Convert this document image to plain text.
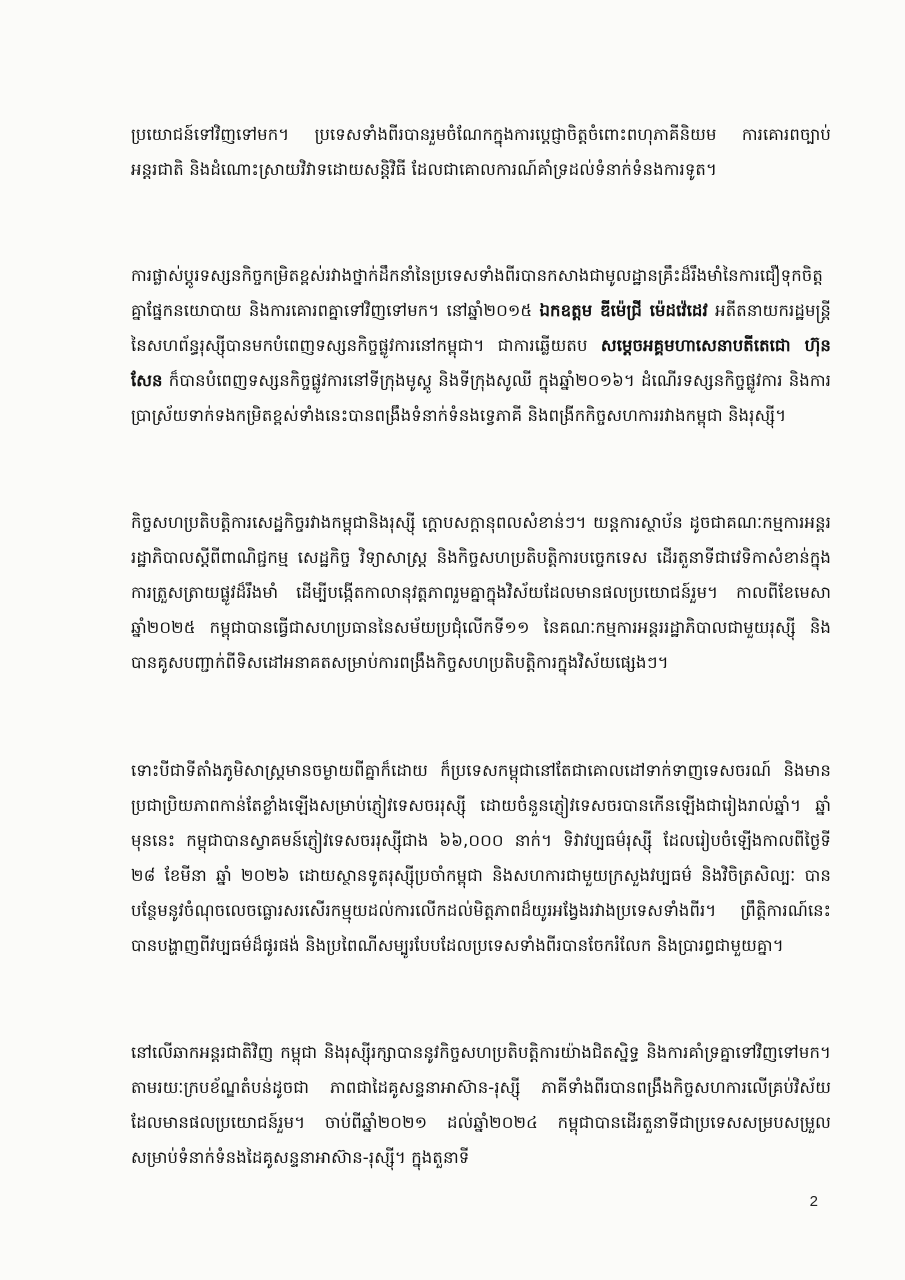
ប្រយោជន៍ទៅវិញទៅមក។ ប្រទេសទាំងពីរបានរួមចំណែកក្នុងការប្តេជ្ញាចិត្តចំពោះពហុភាគីនិយម ការគោរពច្បាប់អន្តរជាតិ និងដំណោះស្រាយវិវាទដោយសន្តិវិធី ដែលជាគោលការណ៍គាំទ្រដល់ទំនាក់ទំនងការទូត។

ការផ្លាស់ប្តូរទស្សនកិច្ចកម្រិតខ្ពស់រវាងថ្នាក់ដឹកនាំនៃប្រទេសទាំងពីរបានកសាងជាមូលដ្ឋានគ្រឹះដ៏រឹងមាំនៃការជឿទុកចិត្តគ្នាផ្នែកនយោបាយ និងការគោរពគ្នាទៅវិញទៅមក។ នៅឆ្នាំ២០១៥ ឯកឧត្តម ឌីម៉េជ្រី ម៉េដវ៉េដេវ អតីតនាយករដ្ឋមន្ត្រីនៃសហព័ន្ធរុស្ស៊ីបានមកបំពេញទស្សនកិច្ចផ្លូវការនៅកម្ពុជា។ ជាការឆ្លើយតប សម្តេចអគ្គមហាសេនាបតីតេជោ ហ៊ុន សែន ក៏បានបំពេញទស្សនកិច្ចផ្លូវការនៅទីក្រុងមូស្គូ និងទីក្រុងសូឈី ក្នុងឆ្នាំ២០១៦។ ដំណើរទស្សនកិច្ចផ្លូវការ និងការប្រាស្រ័យទាក់ទងកម្រិតខ្ពស់ទាំងនេះបានពង្រឹងទំនាក់ទំនងទ្វេភាគី និងពង្រីកកិច្ចសហការរវាងកម្ពុជា និងរុស្ស៊ី។

កិច្ចសហប្រតិបត្តិការសេដ្ឋកិច្ចរវាងកម្ពុជានិងរុស្ស៊ី ក្តោបសក្តានុពលសំខាន់ៗ។ យន្តការស្ថាប័ន ដូចជាគណៈកម្មការអន្តររដ្ឋាភិបាលស្តីពីពាណិជ្ជកម្ម សេដ្ឋកិច្ច វិទ្យាសាស្ត្រ និងកិច្ចសហប្រតិបត្តិការបច្ចេកទេស ដើរតួនាទីជាវេទិកាសំខាន់ក្នុងការត្រួសត្រាយផ្លូវដ៏រឹងមាំ ដើម្បីបង្កើតកាលានុវត្តភាពរួមគ្នាក្នុងវិស័យដែលមានផលប្រយោជន៍រួម។ កាលពីខែមេសា ឆ្នាំ២០២៥ កម្ពុជាបានធ្វើជាសហប្រធាននៃសម័យប្រជុំលើកទី១១ នៃគណៈកម្មការអន្តររដ្ឋាភិបាលជាមួយរុស្ស៊ី និងបានគូសបញ្ជាក់ពីទិសដៅអនាគតសម្រាប់ការពង្រឹងកិច្ចសហប្រតិបត្តិការក្នុងវិស័យផ្សេងៗ។

ទោះបីជាទីតាំងភូមិសាស្ត្រមានចម្ងាយពីគ្នាក៏ដោយ ក៏ប្រទេសកម្ពុជានៅតែជាគោលដៅទាក់ទាញទេសចរណ៍ និងមានប្រជាប្រិយភាពកាន់តែខ្លាំងឡើងសម្រាប់ភ្ញៀវទេសចររុស្ស៊ី ដោយចំនួនភ្ញៀវទេសចរបានកើនឡើងជារៀងរាល់ឆ្នាំ។ ឆ្នាំមុននេះ កម្ពុជាបានស្វាគមន៍ភ្ញៀវទេសចររុស្ស៊ីជាង ៦៦,០០០ នាក់។ ទិវាវប្បធម៌រុស្ស៊ី ដែលរៀបចំឡើងកាលពីថ្ងៃទី ២៨ ខែមីនា ឆ្នាំ ២០២៦ ដោយស្ថានទូតរុស្ស៊ីប្រចាំកម្ពុជា និងសហការជាមួយក្រសួងវប្បធម៌ និងវិចិត្រសិល្បៈ បានបន្ថែមនូវចំណុចលេចធ្លោរសរសើរកម្មុយដល់ការលើកដល់មិត្តភាពដ៏យូរអង្វែងរវាងប្រទេសទាំងពីរ។ ព្រឹត្តិការណ៍នេះបានបង្ហាញពីវប្បធម៌ដ៏ផូរផង់ និងប្រពៃណីសម្បូរបែបដែលប្រទេសទាំងពីរបានចែករំលែក និងប្រារព្ធជាមួយគ្នា។

នៅលើឆាកអន្តរជាតិវិញ កម្ពុជា និងរុស្ស៊ីរក្សាបាននូវកិច្ចសហប្រតិបត្តិការយ៉ាងជិតស្និទ្ធ និងការគាំទ្រគ្នាទៅវិញទៅមក។ តាមរយៈក្របខ័ណ្ឌតំបន់ដូចជា ភាពជាដៃគូសន្ទនាអាស៊ាន-រុស្ស៊ី ភាគីទាំងពីរបានពង្រឹងកិច្ចសហការលើគ្រប់វិស័យដែលមានផលប្រយោជន៍រួម។ ចាប់ពីឆ្នាំ២០២១ ដល់ឆ្នាំ២០២៤ កម្ពុជាបានដើរតួនាទីជាប្រទេសសម្របសម្រួល សម្រាប់ទំនាក់ទំនងដៃគូសន្ទនាអាស៊ាន-រុស្ស៊ី។ ក្នុងតួនាទី

2
